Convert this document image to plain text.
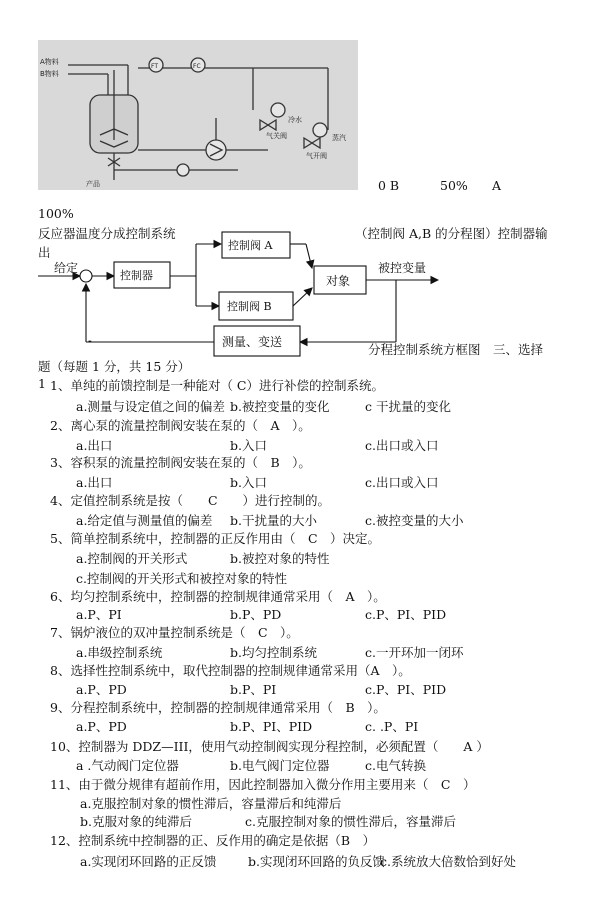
A物料
B物料
FT	FC
产品
气关阀
气开阀
冷水
蒸汽
0 B	50% A
100%
反应器温度分成控制系统	（控制阀 A,B 的分程图）控制器输
出
给定
控制器
控制阀 A
控制阀 B
对象
被控变量
测量、变送
-
分程控制系统方框图　三、选择
题（每题 1 分，共 15 分）
1 1、单纯的前馈控制是一种能对（ C）进行补偿的控制系统。
a.测量与设定值之间的偏差 b.被控变量的变化	c 干扰量的变化
2、离心泵的流量控制阀安装在泵的（　A　）。
a.出口	b.入口	c.出口或入口
3、容积泵的流量控制阀安装在泵的（　B　）。
a.出口	b.入口	c.出口或入口
4、定值控制系统是按（　　C　　）进行控制的。
a.给定值与测量值的偏差 b.干扰量的大小	c.被控变量的大小
5、简单控制系统中，控制器的正反作用由（　C　）决定。
a.控制阀的开关形式	b.被控对象的特性
c.控制阀的开关形式和被控对象的特性
6、均匀控制系统中，控制器的控制规律通常采用（　A　）。
a.P、PI	b.P、PD	c.P、PI、PID
7、锅炉液位的双冲量控制系统是（　C　）。
a.串级控制系统	b.均匀控制系统	c.一开环加一闭环
8、选择性控制系统中，取代控制器的控制规律通常采用（A　）。
a.P、PD	b.P、PI	c.P、PI、PID
9、分程控制系统中，控制器的控制规律通常采用（　B　）。
a.P、PD	b.P、PI、PID	c. .P、PI
10、控制器为 DDZ—III，使用气动控制阀实现分程控制，必须配置（　　A ）
a .气动阀门定位器	b.电气阀门定位器	c.电气转换
11、由于微分规律有超前作用，因此控制器加入微分作用主要用来（　C　）
a.克服控制对象的惯性滞后，容量滞后和纯滞后
b.克服对象的纯滞后	c.克服控制对象的惯性滞后，容量滞后
12、控制系统中控制器的正、反作用的确定是依据（B　）
a.实现闭环回路的正反馈	b.实现闭环回路的负反馈
c.系统放大倍数恰到好处
